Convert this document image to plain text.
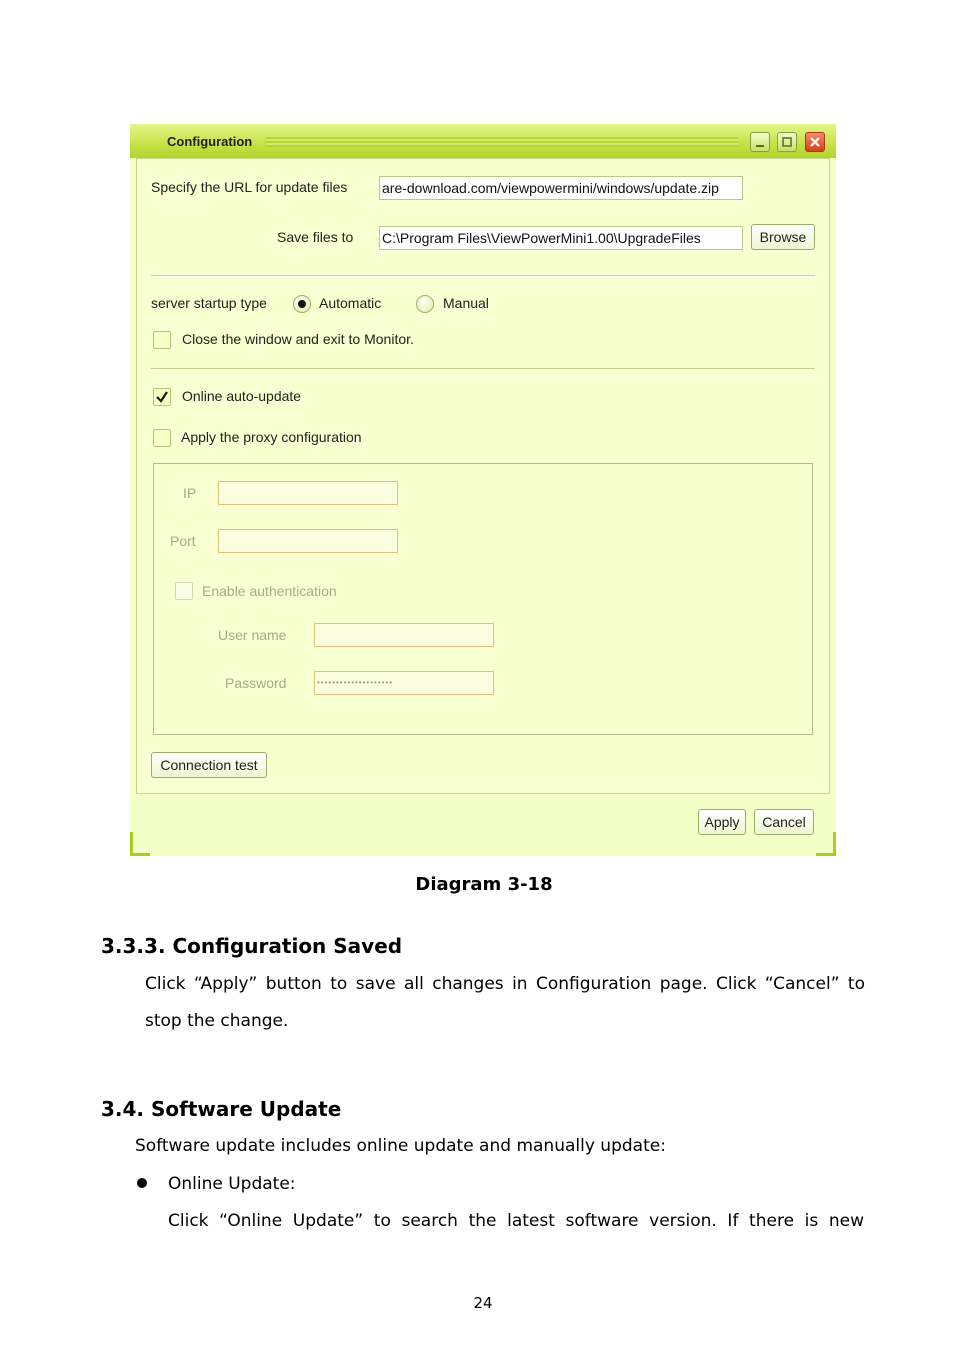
Configuration
Specify the URL for update files are-download.com/viewpowermini/windows/update.zip
Save files to C:\Program Files\ViewPowerMini1.00\UpgradeFiles	Browse
server startup type	Automatic	Manual
Close the window and exit to Monitor.
Online auto-update
Apply the proxy configuration
IP
Port
Enable authentication
User name
Password	••••••••••••••••••••
Connection test
Apply	Cancel
Diagram 3-18
3.3.3. Configuration Saved
Click “Apply” button to save all changes in Configuration page. Click “Cancel” to
stop the change.
3.4. Software Update
Software update includes online update and manually update:
Online Update:
Click “Online Update” to search the latest software version. If there is new
24
